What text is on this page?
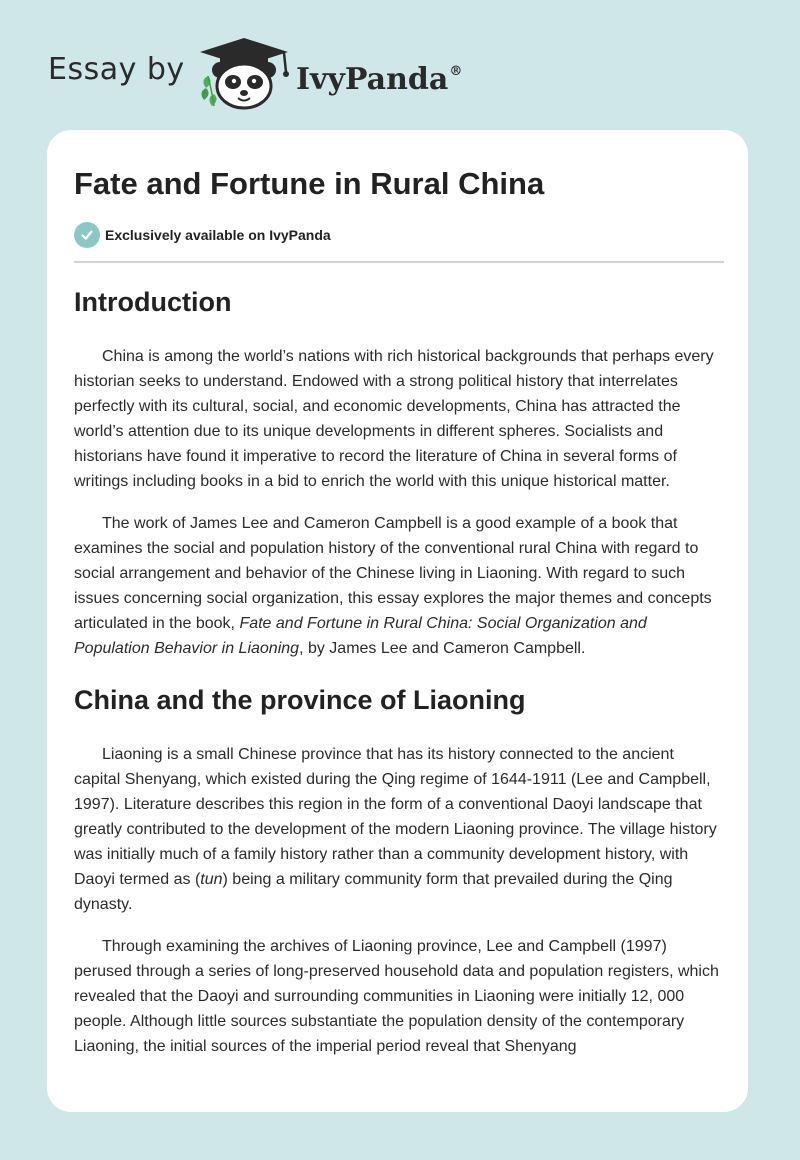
Essay by	IvyPanda®
Fate and Fortune in Rural China
Exclusively available on IvyPanda
Introduction

China is among the world’s nations with rich historical backgrounds that perhaps every historian seeks to understand. Endowed with a strong political history that interrelates perfectly with its cultural, social, and economic developments, China has attracted the world’s attention due to its unique developments in different spheres. Socialists and historians have found it imperative to record the literature of China in several forms of writings including books in a bid to enrich the world with this unique historical matter.

The work of James Lee and Cameron Campbell is a good example of a book that examines the social and population history of the conventional rural China with regard to social arrangement and behavior of the Chinese living in Liaoning. With regard to such issues concerning social organization, this essay explores the major themes and concepts articulated in the book, Fate and Fortune in Rural China: Social Organization and Population Behavior in Liaoning, by James Lee and Cameron Campbell.

China and the province of Liaoning

Liaoning is a small Chinese province that has its history connected to the ancient capital Shenyang, which existed during the Qing regime of 1644-1911 (Lee and Campbell, 1997). Literature describes this region in the form of a conventional Daoyi landscape that greatly contributed to the development of the modern Liaoning province. The village history was initially much of a family history rather than a community development history, with Daoyi termed as (tun) being a military community form that prevailed during the Qing dynasty.

Through examining the archives of Liaoning province, Lee and Campbell (1997) perused through a series of long-preserved household data and population registers, which revealed that the Daoyi and surrounding communities in Liaoning were initially 12, 000 people. Although little sources substantiate the population density of the contemporary Liaoning, the initial sources of the imperial period reveal that Shenyang
